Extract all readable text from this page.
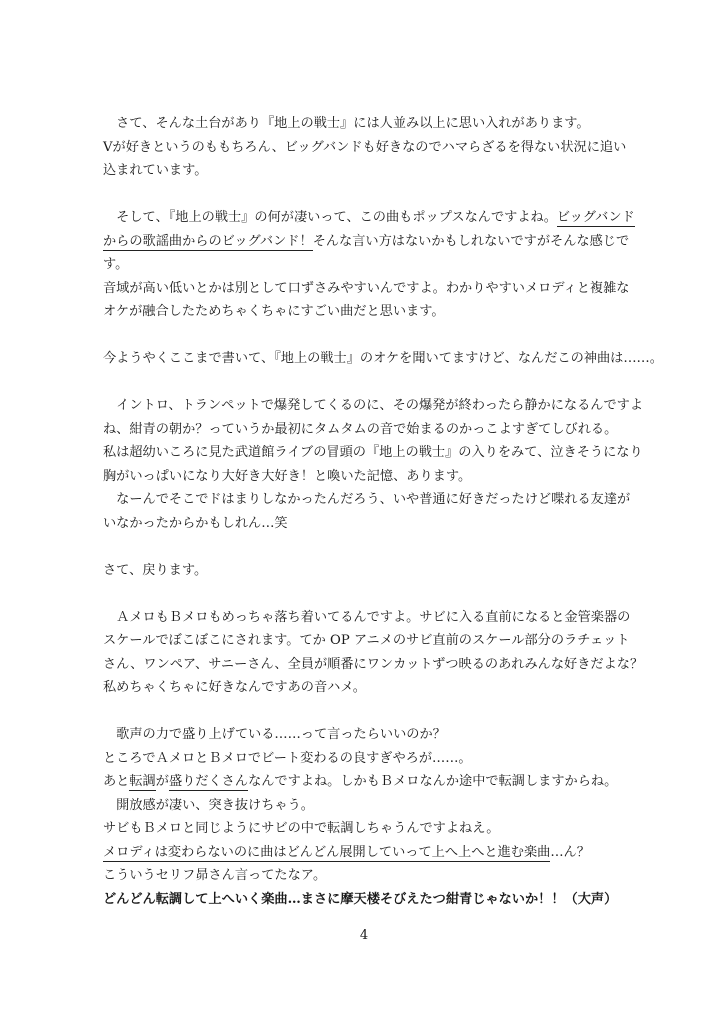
　さて、そんな土台があり『地上の戦士』には人並み以上に思い入れがあります。
Vが好きというのももちろん、ビッグバンドも好きなのでハマらざるを得ない状況に追い
込まれています。
　そして、『地上の戦士』の何が凄いって、この曲もポップスなんですよね。ビッグバンド
からの歌謡曲からのビッグバンド！そんな言い方はないかもしれないですがそんな感じで
す。
音域が高い低いとかは別として口ずさみやすいんですよ。わかりやすいメロディと複雑な
オケが融合したためちゃくちゃにすごい曲だと思います。
今ようやくここまで書いて、『地上の戦士』のオケを聞いてますけど、なんだこの神曲は……。
　イントロ、トランペットで爆発してくるのに、その爆発が終わったら静かになるんですよ
ね、紺青の朝か？っていうか最初にタムタムの音で始まるのかっこよすぎてしびれる。
私は超幼いころに見た武道館ライブの冒頭の『地上の戦士』の入りをみて、泣きそうになり
胸がいっぱいになり大好き大好き！と喚いた記憶、あります。
　なーんでそこでドはまりしなかったんだろう、いや普通に好きだったけど喋れる友達が
いなかったからかもしれん…笑
さて、戻ります。
　ＡメロもＢメロもめっちゃ落ち着いてるんですよ。サビに入る直前になると金管楽器の
スケールでぼこぼこにされます。てか OP アニメのサビ直前のスケール部分のラチェット
さん、ワンペア、サニーさん、全員が順番にワンカットずつ映るのあれみんな好きだよな？
私めちゃくちゃに好きなんですあの音ハメ。
　歌声の力で盛り上げている……って言ったらいいのか？
ところでＡメロとＢメロでビート変わるの良すぎやろが……。
あと転調が盛りだくさんなんですよね。しかもＢメロなんか途中で転調しますからね。
　開放感が凄い、突き抜けちゃう。
サビもＢメロと同じようにサビの中で転調しちゃうんですよねえ。
メロディは変わらないのに曲はどんどん展開していって上へ上へと進む楽曲…ん？
こういうセリフ昴さん言ってたなア。
どんどん転調して上へいく楽曲…まさに摩天楼そびえたつ紺青じゃないか！！（大声）
4
